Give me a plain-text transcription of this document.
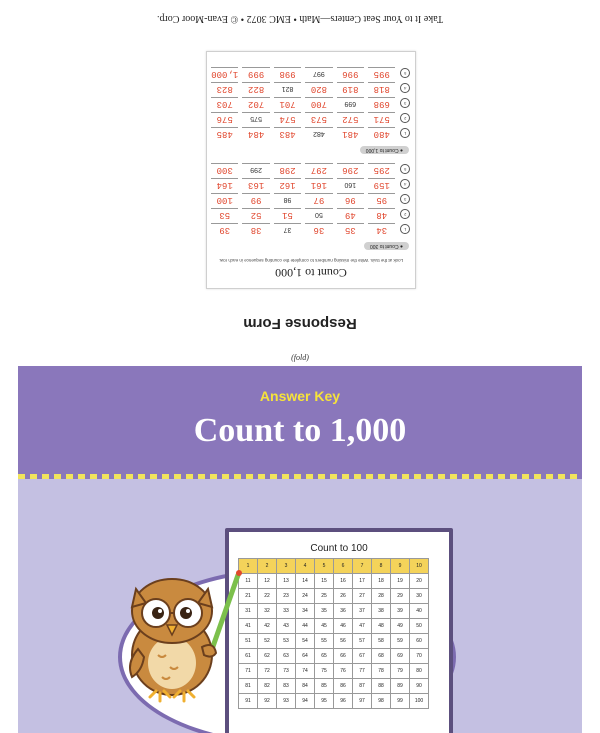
Response Form
Count to 1,000
Look at the train. Write the missing numbers to complete the counting sequence in each row.
● Count to 300
1
34
35
36
37
38
39
2
48
49
50
51
52
53
3
95
96
97
98
99
100
4
159
160
161
162
163
164
5
295
296
297
298
299
300
● Count to 1,000
1
480
481
482
483
484
485
2
571
572
573
574
575
576
3
698
699
700
701
702
703
4
818
819
820
821
822
823
5
995
996
997
998
999
1,000
Take It to Your Seat Centers—Math • EMC 3072 • © Evan-Moor Corp.
(fold)
Answer Key
Count to 1,000
Count to 100
1	2	3	4	5	6	7	8	9	10
11	12	13	14	15	16	17	18	19	20
21	22	23	24	25	26	27	28	29	30
31	32	33	34	35	36	37	38	39	40
41	42	43	44	45	46	47	48	49	50
51	52	53	54	55	56	57	58	59	60
61	62	63	64	65	66	67	68	69	70
71	72	73	74	75	76	77	78	79	80
81	82	83	84	85	86	87	88	89	90
91	92	93	94	95	96	97	98	99	100
